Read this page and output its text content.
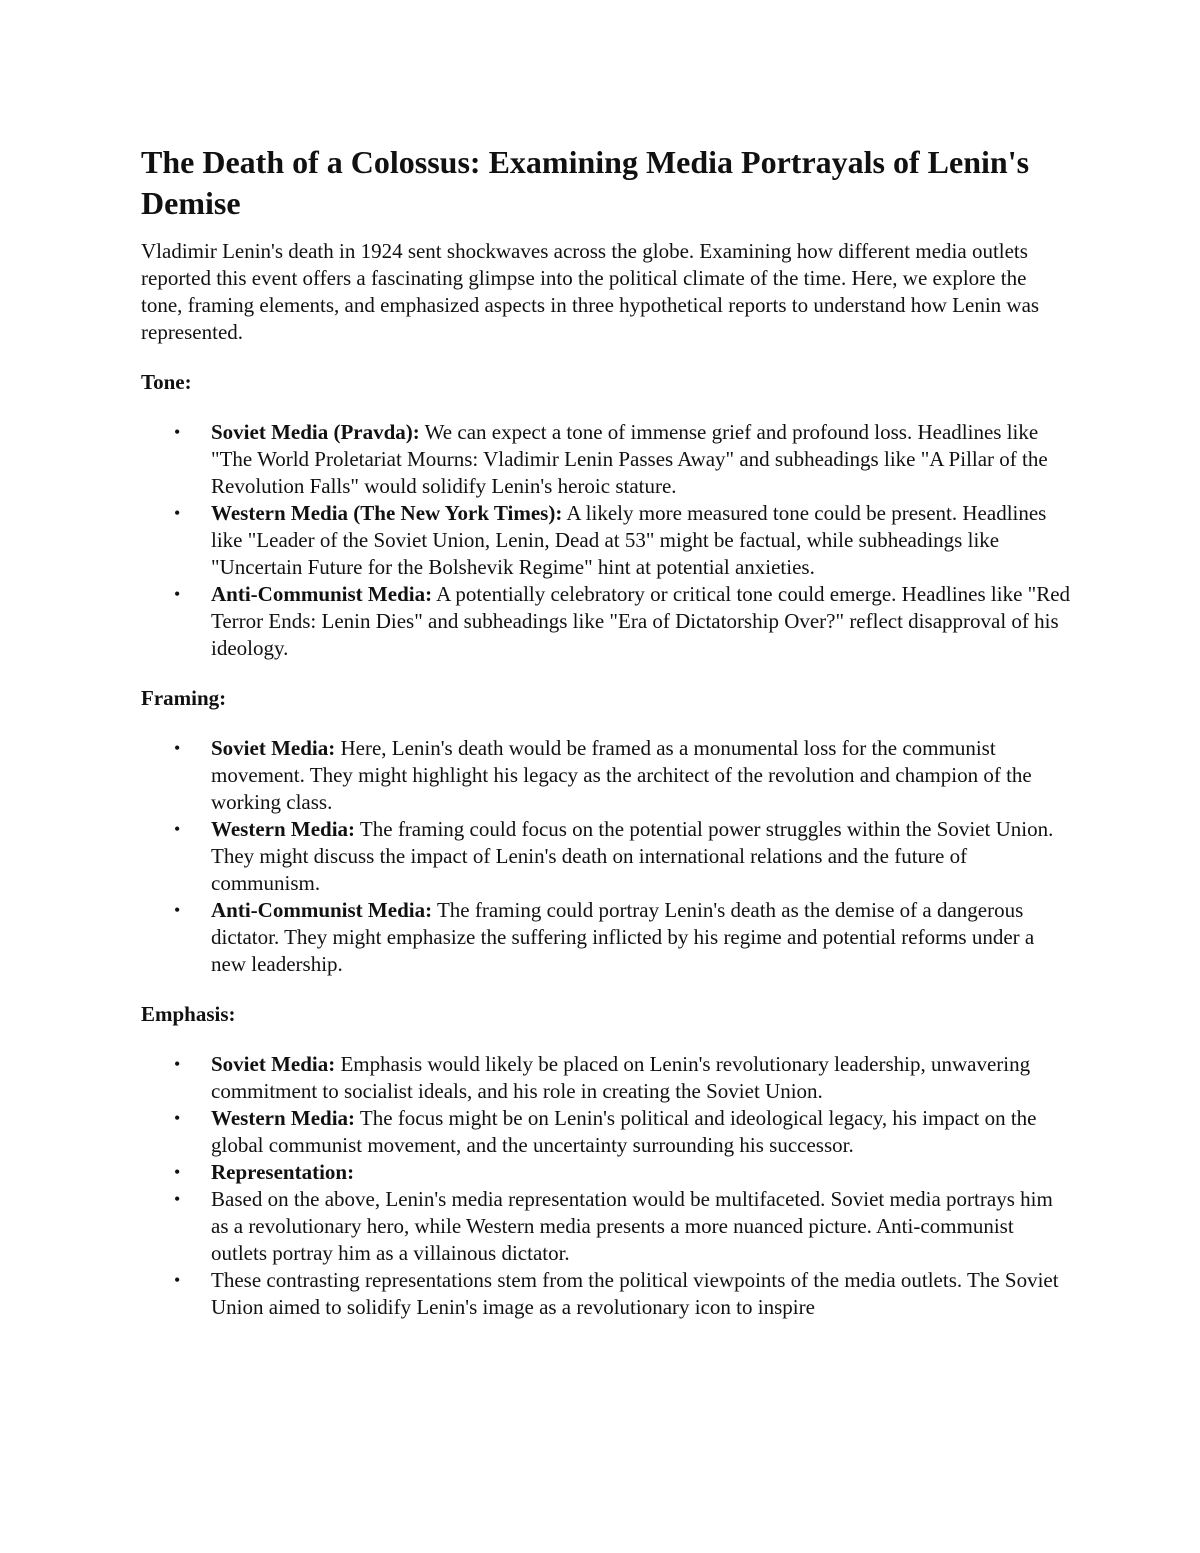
The Death of a Colossus: Examining Media Portrayals of Lenin's Demise

Vladimir Lenin's death in 1924 sent shockwaves across the globe. Examining how different media outlets reported this event offers a fascinating glimpse into the political climate of the time. Here, we explore the tone, framing elements, and emphasized aspects in three hypothetical reports to understand how Lenin was represented.

Tone:
• Soviet Media (Pravda): We can expect a tone of immense grief and profound loss. Headlines like "The World Proletariat Mourns: Vladimir Lenin Passes Away" and subheadings like "A Pillar of the Revolution Falls" would solidify Lenin's heroic stature.
• Western Media (The New York Times): A likely more measured tone could be present. Headlines like "Leader of the Soviet Union, Lenin, Dead at 53" might be factual, while subheadings like "Uncertain Future for the Bolshevik Regime" hint at potential anxieties.
• Anti-Communist Media: A potentially celebratory or critical tone could emerge. Headlines like "Red Terror Ends: Lenin Dies" and subheadings like "Era of Dictatorship Over?" reflect disapproval of his ideology.
Framing:
• Soviet Media: Here, Lenin's death would be framed as a monumental loss for the communist movement. They might highlight his legacy as the architect of the revolution and champion of the working class.
• Western Media: The framing could focus on the potential power struggles within the Soviet Union. They might discuss the impact of Lenin's death on international relations and the future of communism.
• Anti-Communist Media: The framing could portray Lenin's death as the demise of a dangerous dictator. They might emphasize the suffering inflicted by his regime and potential reforms under a new leadership.
Emphasis:
• Soviet Media: Emphasis would likely be placed on Lenin's revolutionary leadership, unwavering commitment to socialist ideals, and his role in creating the Soviet Union.
• Western Media: The focus might be on Lenin's political and ideological legacy, his impact on the global communist movement, and the uncertainty surrounding his successor.
• Representation:
• Based on the above, Lenin's media representation would be multifaceted. Soviet media portrays him as a revolutionary hero, while Western media presents a more nuanced picture. Anti-communist outlets portray him as a villainous dictator.
• These contrasting representations stem from the political viewpoints of the media outlets. The Soviet Union aimed to solidify Lenin's image as a revolutionary icon to inspire
